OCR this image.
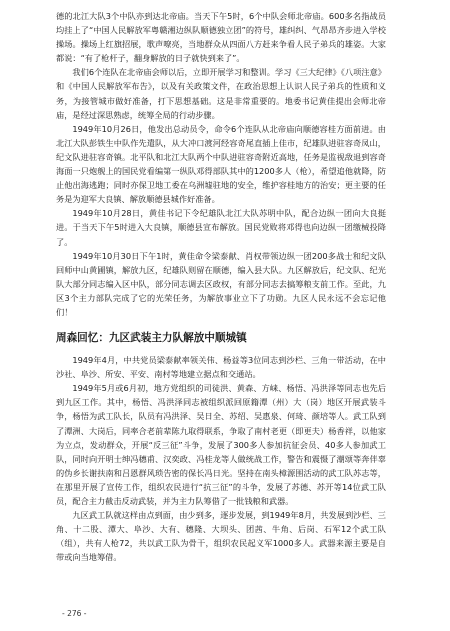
德的北江大队3个中队亦到达北帝庙。当天下午5时，6个中队会师北帝庙。600多名指战员均挂上了“中国人民解放军粤赣湘边纵队顺德独立团”的符号，雄纠纠、气昂昂齐步进入学校操场。操场上红旗招展，歌声嘹亮，当地群众从四面八方赶来争看人民子弟兵的雄姿。大家都说：“有了枪杆子，翻身解放的日子就快到来了”。

我们6个连队在北帝庙会师以后，立即开展学习和整训。学习《三大纪律》《八项注意》和《中国人民解放军布告》，以及有关政策文件，在政治思想上认识人民子弟兵的性质和义务，为接管城市做好准备，打下思想基础。这是非常重要的。地委书记黄佳提出会师北帝庙，是经过深思熟虑，统筹全局的行动步骤。

1949年10月26日，他发出总动员令，命令6个连队从北帝庙向顺德容桂方面前进。由北江大队彭铁生中队作先遣队，从大冲口渡河经容奇尾直插上佳市，纪雄队进驻容奇凤山，纪文队进驻容奇镇。北平队和北江大队两个中队进驻容奇附近高地，任务是监视敌退到容奇海面一只炮舰上的国民党看编第一纵队邓得部队其中的1200多人（枪），希望追他就降，防止他出海逃跑；同时亦保卫地工委在乌洲墟驻地的安全，维护容桂地方的治安；更主要的任务是为迎军大良镇、解放顺德县城作好准备。

1949年10月28日，黄佳书记下令纪雄队北江大队苏明中队，配合边纵一团向大良挺进。于当天下午5时进入大良镇，顺德县宣布解放。国民党败将邓得也向边纵一团缴械投降了。

1949年10月30日下午1时，黄佳命令梁泰献、肖权带领边纵一团200多战士和纪文队回师中山黄圃镇，解放九区，纪雄队则留在顺德，编入县大队。九区解放后，纪文队、纪光队大部分同志编入区中队，部分同志调去区政权，有部分同志去搞筹粮支前工作。至此，九区3个主力部队完成了它的光荣任务，为解放事业立下了功勋。九区人民永远不会忘记他们！

周森回忆：九区武装主力队解放中顺城镇

1949年4月，中共党员梁泰献率领关伟、杨益等3位同志到沙栏、三角一带活动，在中沙社、阜沙、所安、平安、南村等地建立据点和交通站。

1949年5月或6月初，地方党组织的司徒洪、黄森、方崃、杨悟、冯洪泽等同志也先后到九区工作。其中，杨悟、冯洪泽同志被组织派回原籍潭（州）大（岗）地区开展武装斗争，杨悟为武工队长，队员有冯洪泽、吴日全、苏绍、吴惠泉、何琦、颜培等人。武工队到了潭洲、大岗后，同率合老前辈陈九取得联系，争取了南村老更（即更夫）杨香祥，以他家为立点，发动群众，开展“反三征”斗争，发展了300多人参加抗征会员、40多人参加武工队，同时向开明士绅冯穗甫、汉奕政、冯桂龙等人做统战工作，警告和震慑了潮颂等奔伴辜的伪乡长谢扶南和吕恩群风琐告密的保长冯日光。坚持在南头樟源围活动的武工队苏志等，在那里开展了宣传工作，组织农民进行“抗三征”的斗争，发展了苏德、苏开等14位武工队员，配合主力截击反动武装，并为主力队筹借了一批钱粮和武器。

九区武工队就这样由点到面，由少到多，逐步发展，到1949年8月，共发展到沙栏、三角、十二股、潭大、阜沙、大有、穗隆、大坝头、团茜、牛角、后岗、石军12个武工队（组），共有人枪72，共以武工队为骨干，组织农民起义军1000多人。武器来源主要是自带或向当地筹借。

- 276 -
